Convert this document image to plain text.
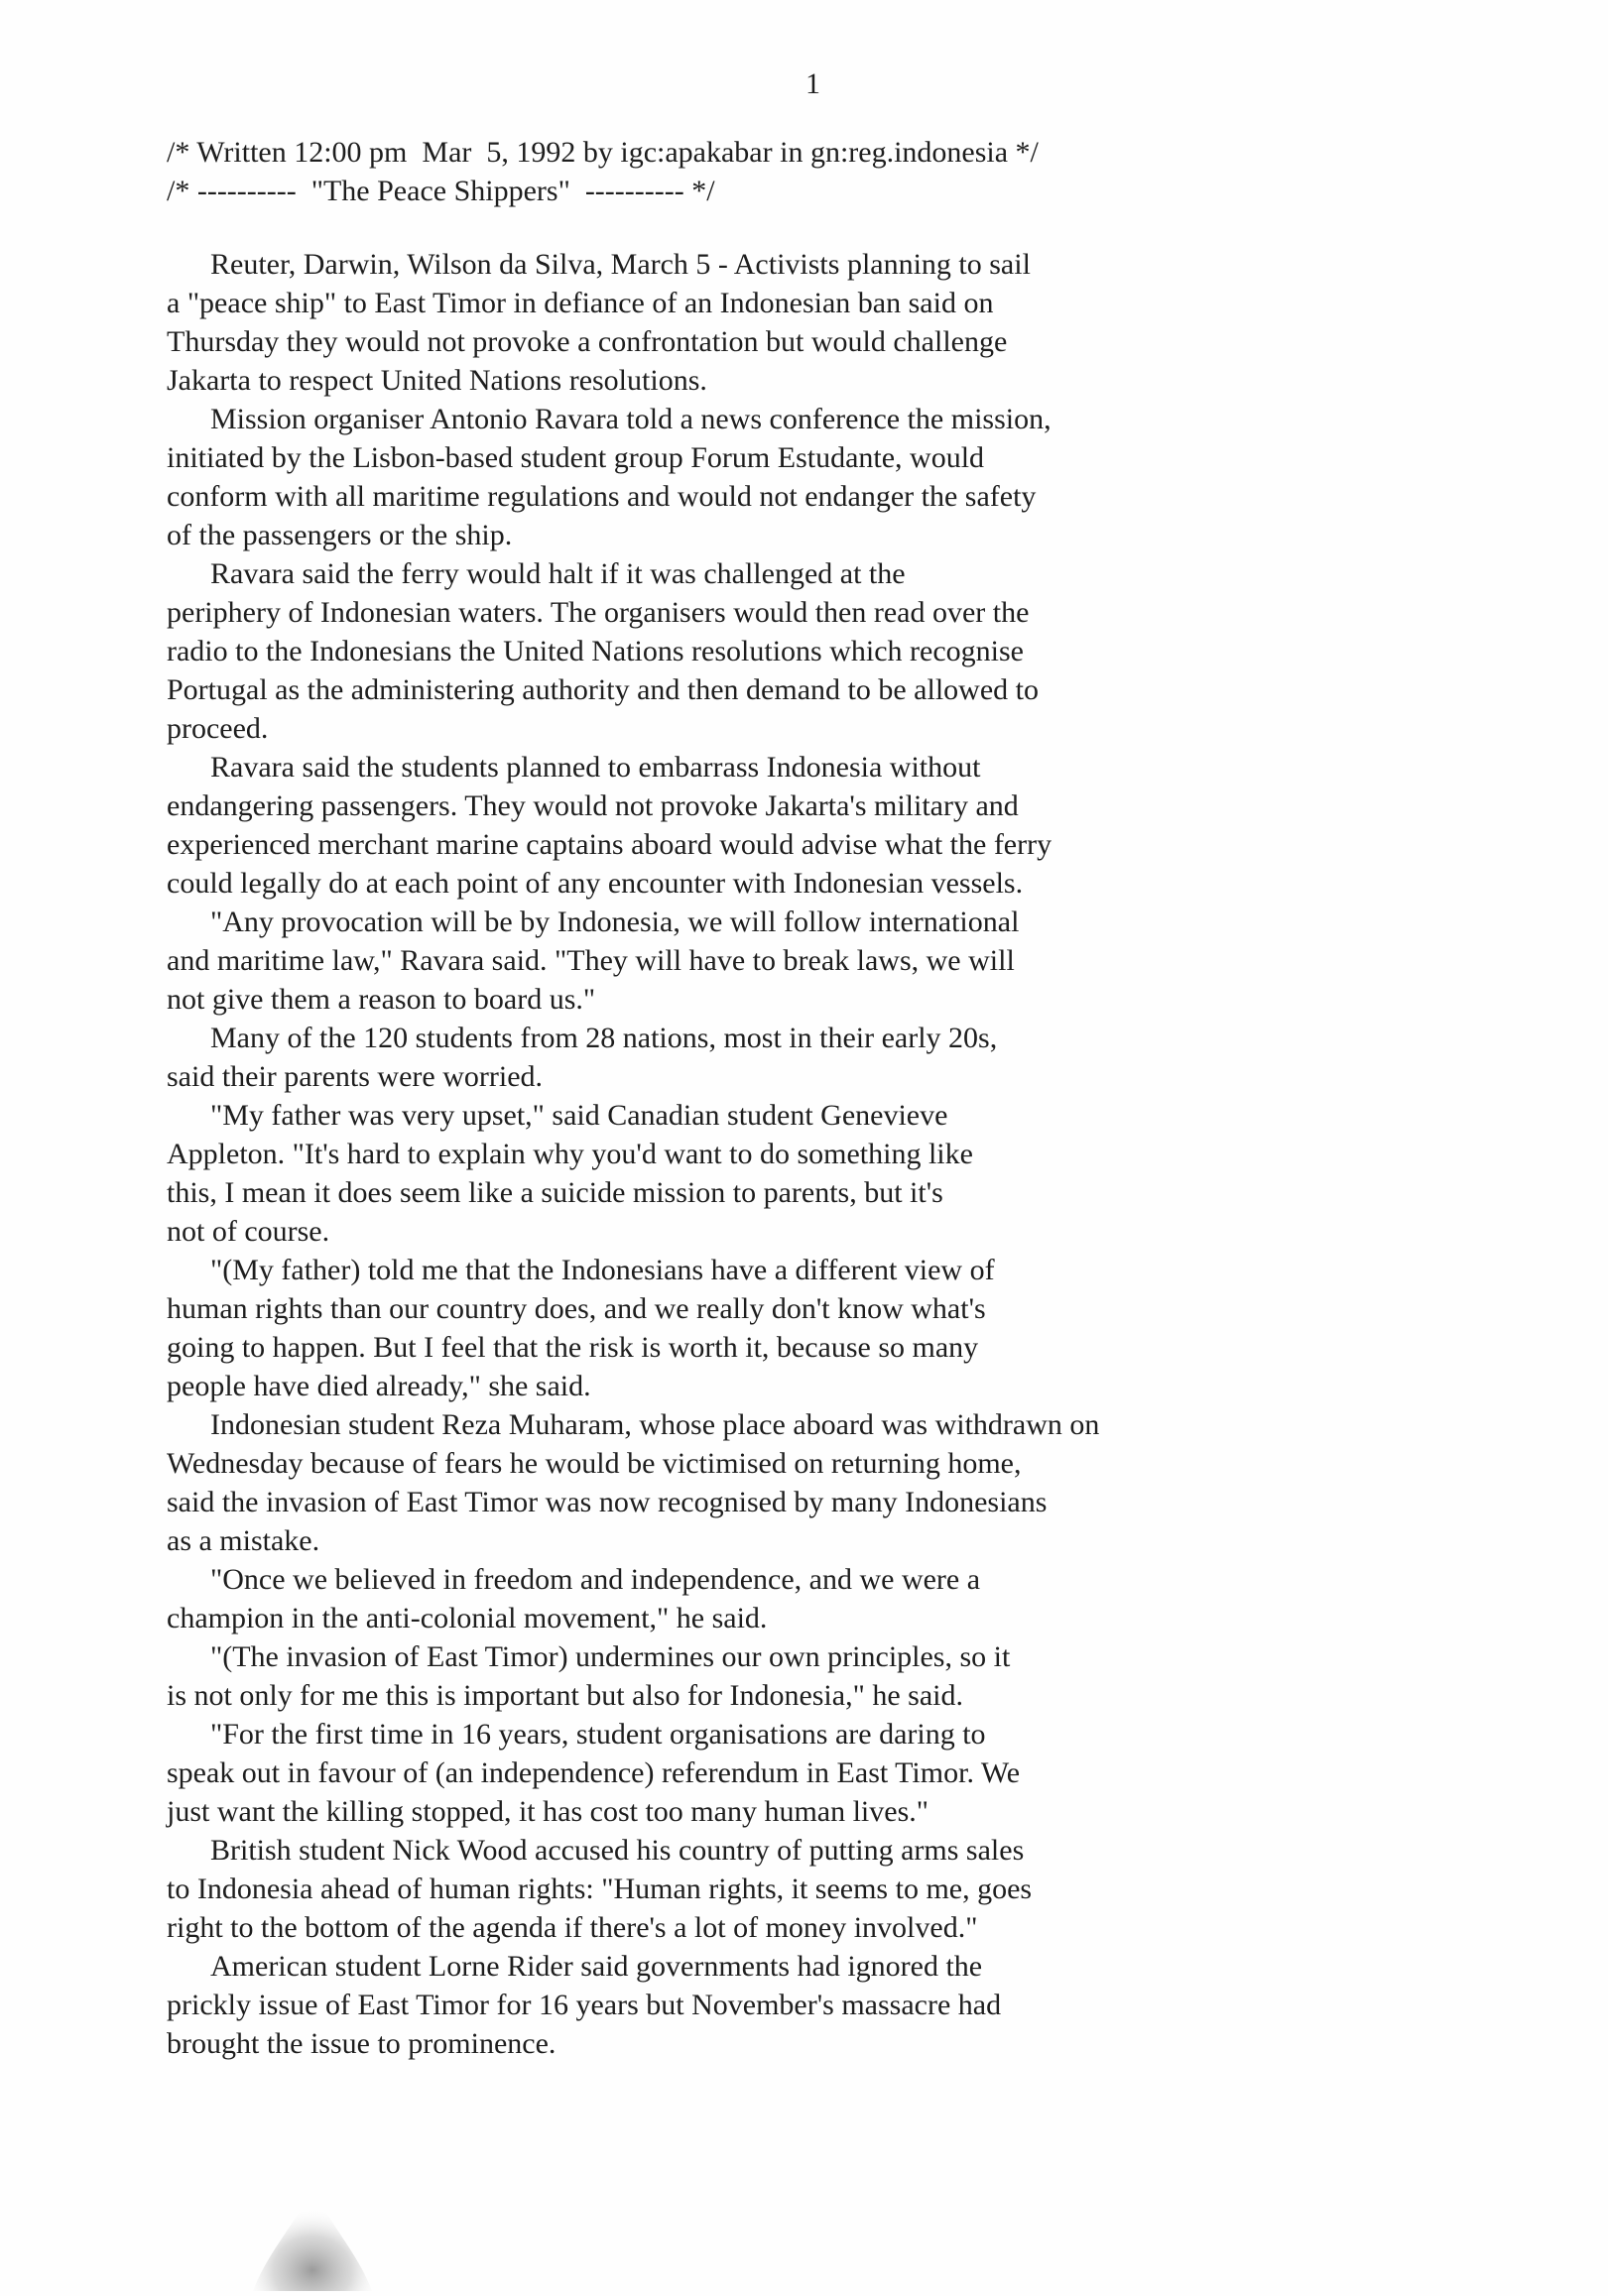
1
/* Written 12:00 pm  Mar  5, 1992 by igc:apakabar in gn:reg.indonesia */
/* ----------  "The Peace Shippers"  ---------- */
Reuter, Darwin, Wilson da Silva, March 5 - Activists planning to sail
a "peace ship" to East Timor in defiance of an Indonesian ban said on
Thursday they would not provoke a confrontation but would challenge
Jakarta to respect United Nations resolutions.
Mission organiser Antonio Ravara told a news conference the mission,
initiated by the Lisbon-based student group Forum Estudante, would
conform with all maritime regulations and would not endanger the safety
of the passengers or the ship.
Ravara said the ferry would halt if it was challenged at the
periphery of Indonesian waters. The organisers would then read over the
radio to the Indonesians the United Nations resolutions which recognise
Portugal as the administering authority and then demand to be allowed to
proceed.
Ravara said the students planned to embarrass Indonesia without
endangering passengers. They would not provoke Jakarta's military and
experienced merchant marine captains aboard would advise what the ferry
could legally do at each point of any encounter with Indonesian vessels.
"Any provocation will be by Indonesia, we will follow international
and maritime law," Ravara said. "They will have to break laws, we will
not give them a reason to board us."
Many of the 120 students from 28 nations, most in their early 20s,
said their parents were worried.
"My father was very upset," said Canadian student Genevieve
Appleton. "It's hard to explain why you'd want to do something like
this, I mean it does seem like a suicide mission to parents, but it's
not of course.
"(My father) told me that the Indonesians have a different view of
human rights than our country does, and we really don't know what's
going to happen. But I feel that the risk is worth it, because so many
people have died already," she said.
Indonesian student Reza Muharam, whose place aboard was withdrawn on
Wednesday because of fears he would be victimised on returning home,
said the invasion of East Timor was now recognised by many Indonesians
as a mistake.
"Once we believed in freedom and independence, and we were a
champion in the anti-colonial movement," he said.
"(The invasion of East Timor) undermines our own principles, so it
is not only for me this is important but also for Indonesia," he said.
"For the first time in 16 years, student organisations are daring to
speak out in favour of (an independence) referendum in East Timor. We
just want the killing stopped, it has cost too many human lives."
British student Nick Wood accused his country of putting arms sales
to Indonesia ahead of human rights: "Human rights, it seems to me, goes
right to the bottom of the agenda if there's a lot of money involved."
American student Lorne Rider said governments had ignored the
prickly issue of East Timor for 16 years but November's massacre had
brought the issue to prominence.
